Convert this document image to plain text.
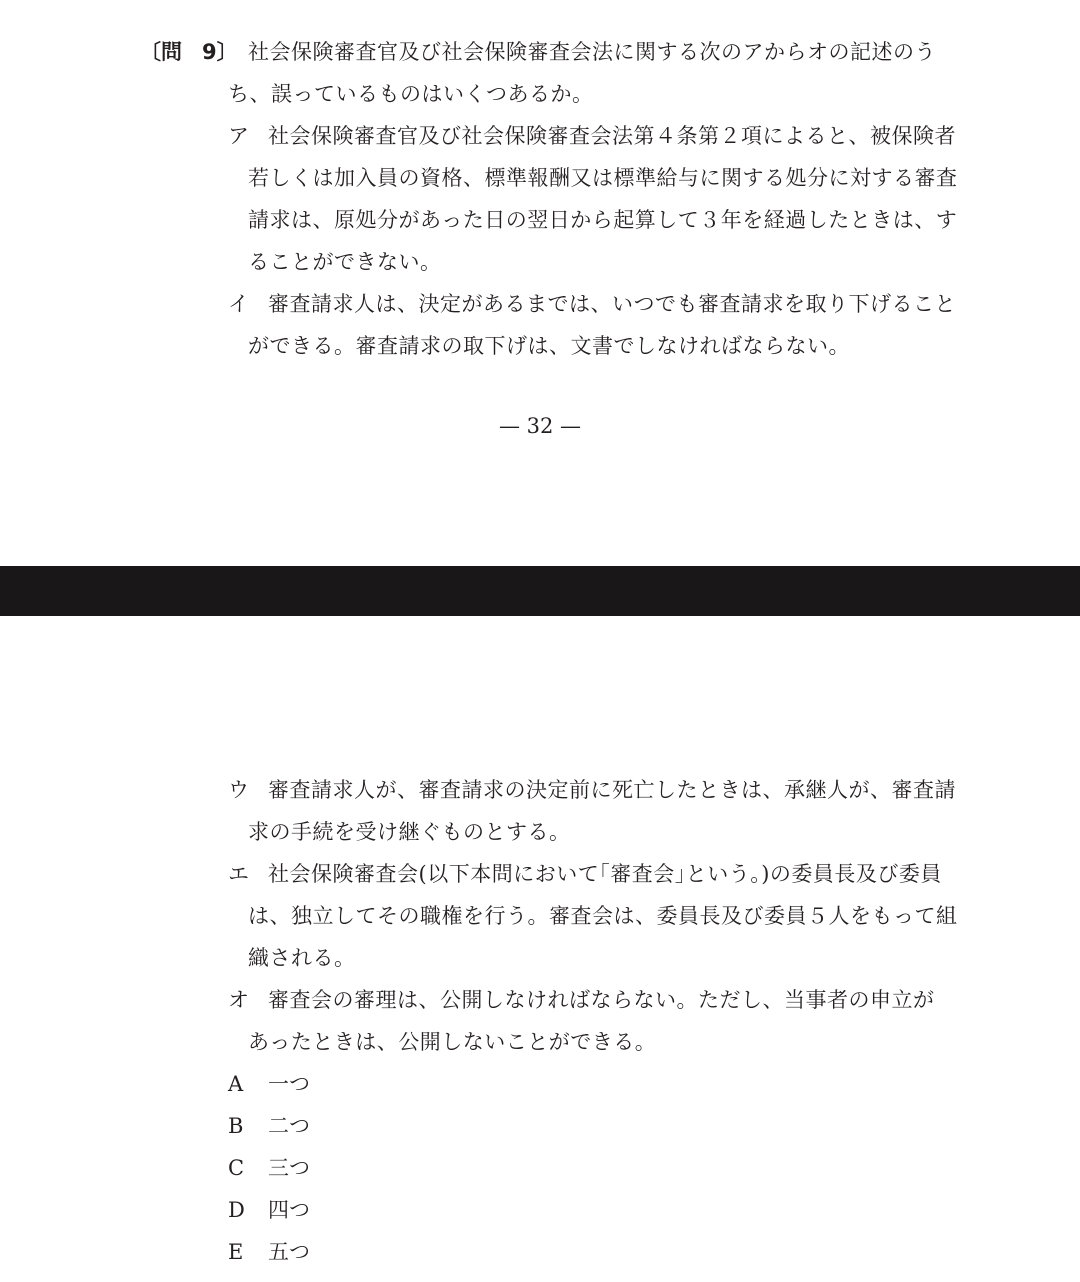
〔問 9〕 社会保険審査官及び社会保険審査会法に関する次のアからオの記述のう
ち、誤っているものはいくつあるか。
ア 社会保険審査官及び社会保険審査会法第４条第２項によると、被保険者
若しくは加入員の資格、標準報酬又は標準給与に関する処分に対する審査
請求は、原処分があった日の翌日から起算して３年を経過したときは、す
ることができない。
イ 審査請求人は、決定があるまでは、いつでも審査請求を取り下げること
ができる。審査請求の取下げは、文書でしなければならない。
— 32 —
ウ 審査請求人が、審査請求の決定前に死亡したときは、承継人が、審査請
求の手続を受け継ぐものとする。
エ 社会保険審査会(以下本問において｢審査会｣という。)の委員長及び委員
は、独立してその職権を行う。審査会は、委員長及び委員５人をもって組
織される。
オ 審査会の審理は、公開しなければならない。ただし、当事者の申立が
あったときは、公開しないことができる。
A 一つ
B 二つ
C 三つ
D 四つ
E 五つ
